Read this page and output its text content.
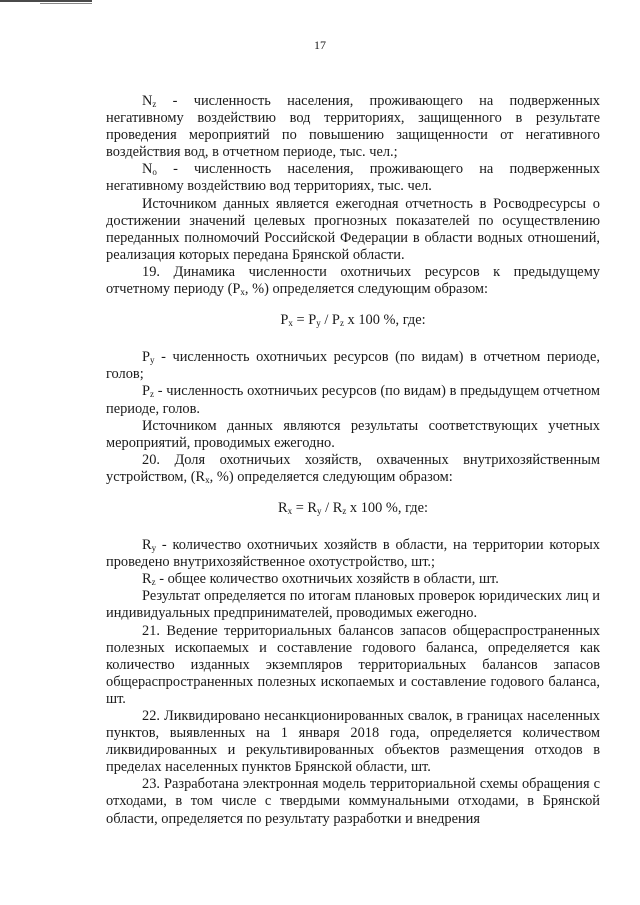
17

$N_z$ - численность населения, проживающего на подверженных негативному воздействию вод территориях, защищенного в результате проведения мероприятий по повышению защищенности от негативного воздействия вод, в отчетном периоде, тыс. чел.;

$N_o$ - численность населения, проживающего на подверженных негативному воздействию вод территориях, тыс. чел.

Источником данных является ежегодная отчетность в Росводресурсы о достижении значений целевых прогнозных показателей по осуществлению переданных полномочий Российской Федерации в области водных отношений, реализация которых передана Брянской области.

19. Динамика численности охотничьих ресурсов к предыдущему отчетному периоду ($P_x$, %) определяется следующим образом:

$P_x = P_y / P_z$ x 100 %, где:

$P_y$ - численность охотничьих ресурсов (по видам) в отчетном периоде, голов;

$P_z$ - численность охотничьих ресурсов (по видам) в предыдущем отчетном периоде, голов.

Источником данных являются результаты соответствующих учетных мероприятий, проводимых ежегодно.

20. Доля охотничьих хозяйств, охваченных внутрихозяйственным устройством, ($R_x$, %) определяется следующим образом:

$R_x = R_y / R_z$ x 100 %, где:

$R_y$ - количество охотничьих хозяйств в области, на территории которых проведено внутрихозяйственное охотустройство, шт.;

$R_z$ - общее количество охотничьих хозяйств в области, шт.

Результат определяется по итогам плановых проверок юридических лиц и индивидуальных предпринимателей, проводимых ежегодно.

21. Ведение территориальных балансов запасов общераспространенных полезных ископаемых и составление годового баланса, определяется как количество изданных экземпляров территориальных балансов запасов общераспространенных полезных ископаемых и составление годового баланса, шт.

22. Ликвидировано несанкционированных свалок, в границах населенных пунктов, выявленных на 1 января 2018 года, определяется количеством ликвидированных и рекультивированных объектов размещения отходов в пределах населенных пунктов Брянской области, шт.

23. Разработана электронная модель территориальной схемы обращения с отходами, в том числе с твердыми коммунальными отходами, в Брянской области, определяется по результату разработки и внедрения
